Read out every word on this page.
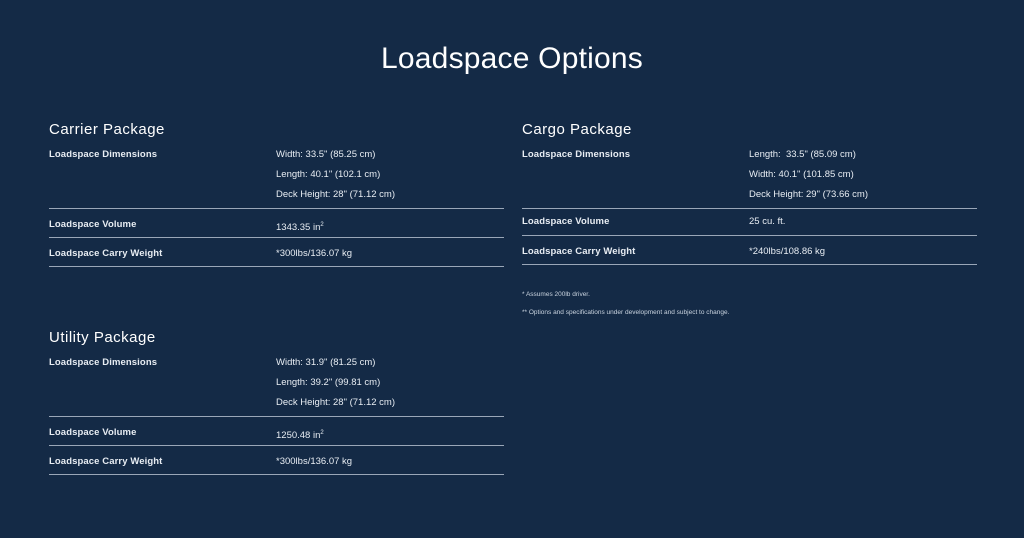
Loadspace Options
Carrier Package
Loadspace Dimensions	Width: 33.5" (85.25 cm)
Length: 40.1" (102.1 cm)
Deck Height: 28" (71.12 cm)
Loadspace Volume	1343.35 $in^2$
Loadspace Carry Weight	*300lbs/136.07 kg
Cargo Package
Loadspace Dimensions	Length:  33.5" (85.09 cm)
Width: 40.1" (101.85 cm)
Deck Height: 29" (73.66 cm)
Loadspace Volume	25 cu. ft.
Loadspace Carry Weight	*240lbs/108.86 kg
* Assumes 200lb driver.
** Options and specifications under development and subject to change.
Utility Package
Loadspace Dimensions	Width: 31.9" (81.25 cm)
Length: 39.2" (99.81 cm)
Deck Height: 28" (71.12 cm)
Loadspace Volume	1250.48 $in^2$
Loadspace Carry Weight	*300lbs/136.07 kg
